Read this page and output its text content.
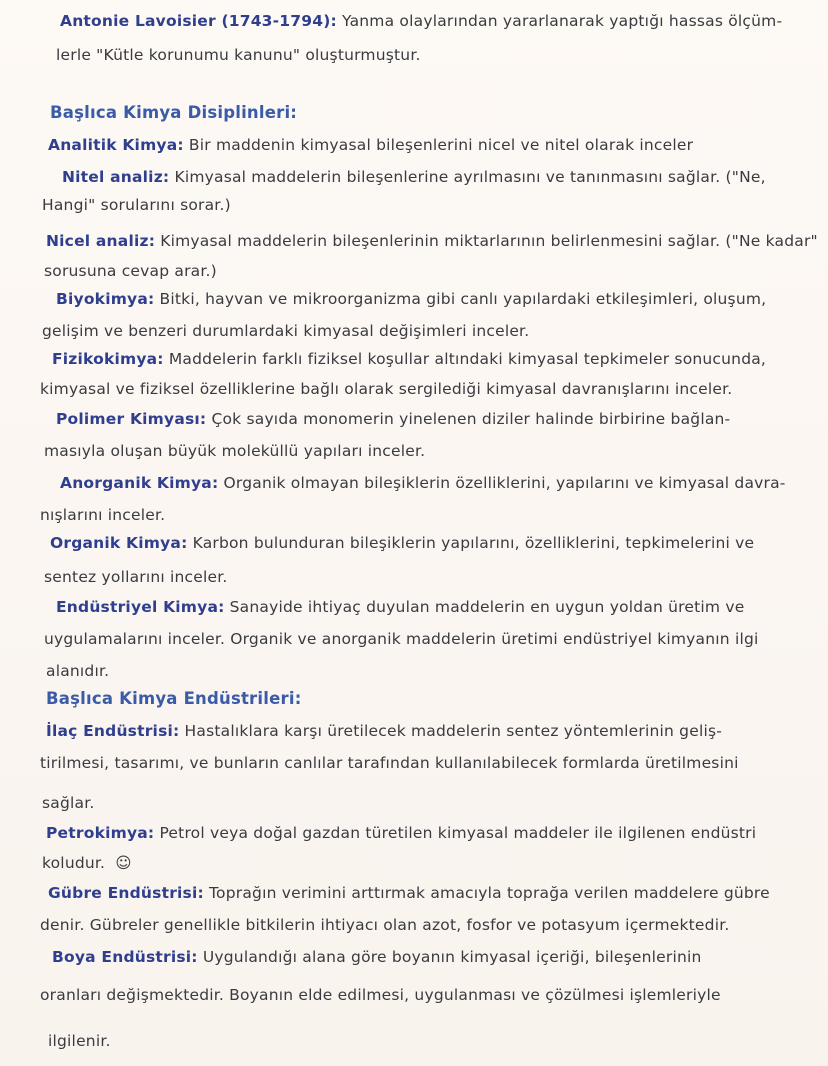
Antonie Lavoisier (1743-1794): Yanma olaylarından yararlanarak yaptığı hassas ölçüm-
lerle "Kütle korunumu kanunu" oluşturmuştur.
Başlıca Kimya Disiplinleri:
Analitik Kimya: Bir maddenin kimyasal bileşenlerini nicel ve nitel olarak inceler
Nitel analiz: Kimyasal maddelerin bileşenlerine ayrılmasını ve tanınmasını sağlar. ("Ne,
Hangi" sorularını sorar.)
Nicel analiz: Kimyasal maddelerin bileşenlerinin miktarlarının belirlenmesini sağlar. ("Ne kadar"
sorusuna cevap arar.)
Biyokimya: Bitki, hayvan ve mikroorganizma gibi canlı yapılardaki etkileşimleri, oluşum,
gelişim ve benzeri durumlardaki kimyasal değişimleri inceler.
Fizikokimya: Maddelerin farklı fiziksel koşullar altındaki kimyasal tepkimeler sonucunda,
kimyasal ve fiziksel özelliklerine bağlı olarak sergilediği kimyasal davranışlarını inceler.
Polimer Kimyası: Çok sayıda monomerin yinelenen diziler halinde birbirine bağlan-
masıyla oluşan büyük moleküllü yapıları inceler.
Anorganik Kimya: Organik olmayan bileşiklerin özelliklerini, yapılarını ve kimyasal davra-
nışlarını inceler.
Organik Kimya: Karbon bulunduran bileşiklerin yapılarını, özelliklerini, tepkimelerini ve
sentez yollarını inceler.
Endüstriyel Kimya: Sanayide ihtiyaç duyulan maddelerin en uygun yoldan üretim ve
uygulamalarını inceler. Organik ve anorganik maddelerin üretimi endüstriyel kimyanın ilgi
alanıdır.
Başlıca Kimya Endüstrileri:
İlaç Endüstrisi: Hastalıklara karşı üretilecek maddelerin sentez yöntemlerinin geliş-
tirilmesi, tasarımı, ve bunların canlılar tarafından kullanılabilecek formlarda üretilmesini
sağlar.
Petrokimya: Petrol veya doğal gazdan türetilen kimyasal maddeler ile ilgilenen endüstri
koludur. ☺
Gübre Endüstrisi: Toprağın verimini arttırmak amacıyla toprağa verilen maddelere gübre
denir. Gübreler genellikle bitkilerin ihtiyacı olan azot, fosfor ve potasyum içermektedir.
Boya Endüstrisi: Uygulandığı alana göre boyanın kimyasal içeriği, bileşenlerinin
oranları değişmektedir. Boyanın elde edilmesi, uygulanması ve çözülmesi işlemleriyle
ilgilenir.
